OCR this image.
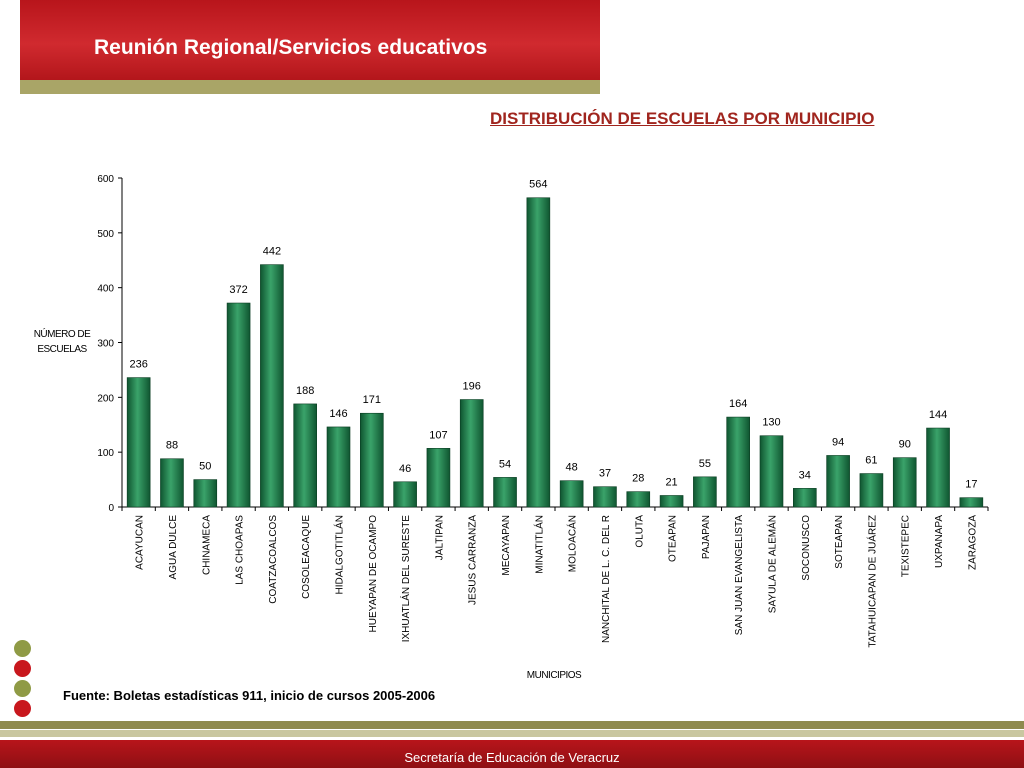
Reunión Regional/Servicios educativos
DISTRIBUCIÓN DE ESCUELAS POR MUNICIPIO
0
100
200
300
400
500
600
NÚMERO DE
ESCUELAS
236
ACAYUCAN
88
AGUA DULCE
50
CHINAMECA
372
LAS CHOAPAS
442
COATZACOALCOS
188
COSOLEACAQUE
146
HIDALGOTITLÁN
171
HUEYAPAN DE OCAMPO
46
IXHUATLÁN DEL SURESTE
107
JALTIPAN
196
JESUS CARRANZA
54
MECAYAPAN
564
MINATITLÁN
48
MOLOACÁN
37
NANCHITAL DE L. C. DEL R
28
OLUTA
21
OTEAPAN
55
PAJAPAN
164
SAN JUAN EVANGELISTA
130
SAYULA DE ALEMÁN
34
SOCONUSCO
94
SOTEAPAN
61
TATAHUICAPAN DE JUÁREZ
90
TEXISTEPEC
144
UXPANAPA
17
ZARAGOZA
MUNICIPIOS
Fuente: Boletas estadísticas 911, inicio de cursos 2005-2006
Secretaría de Educación de Veracruz
